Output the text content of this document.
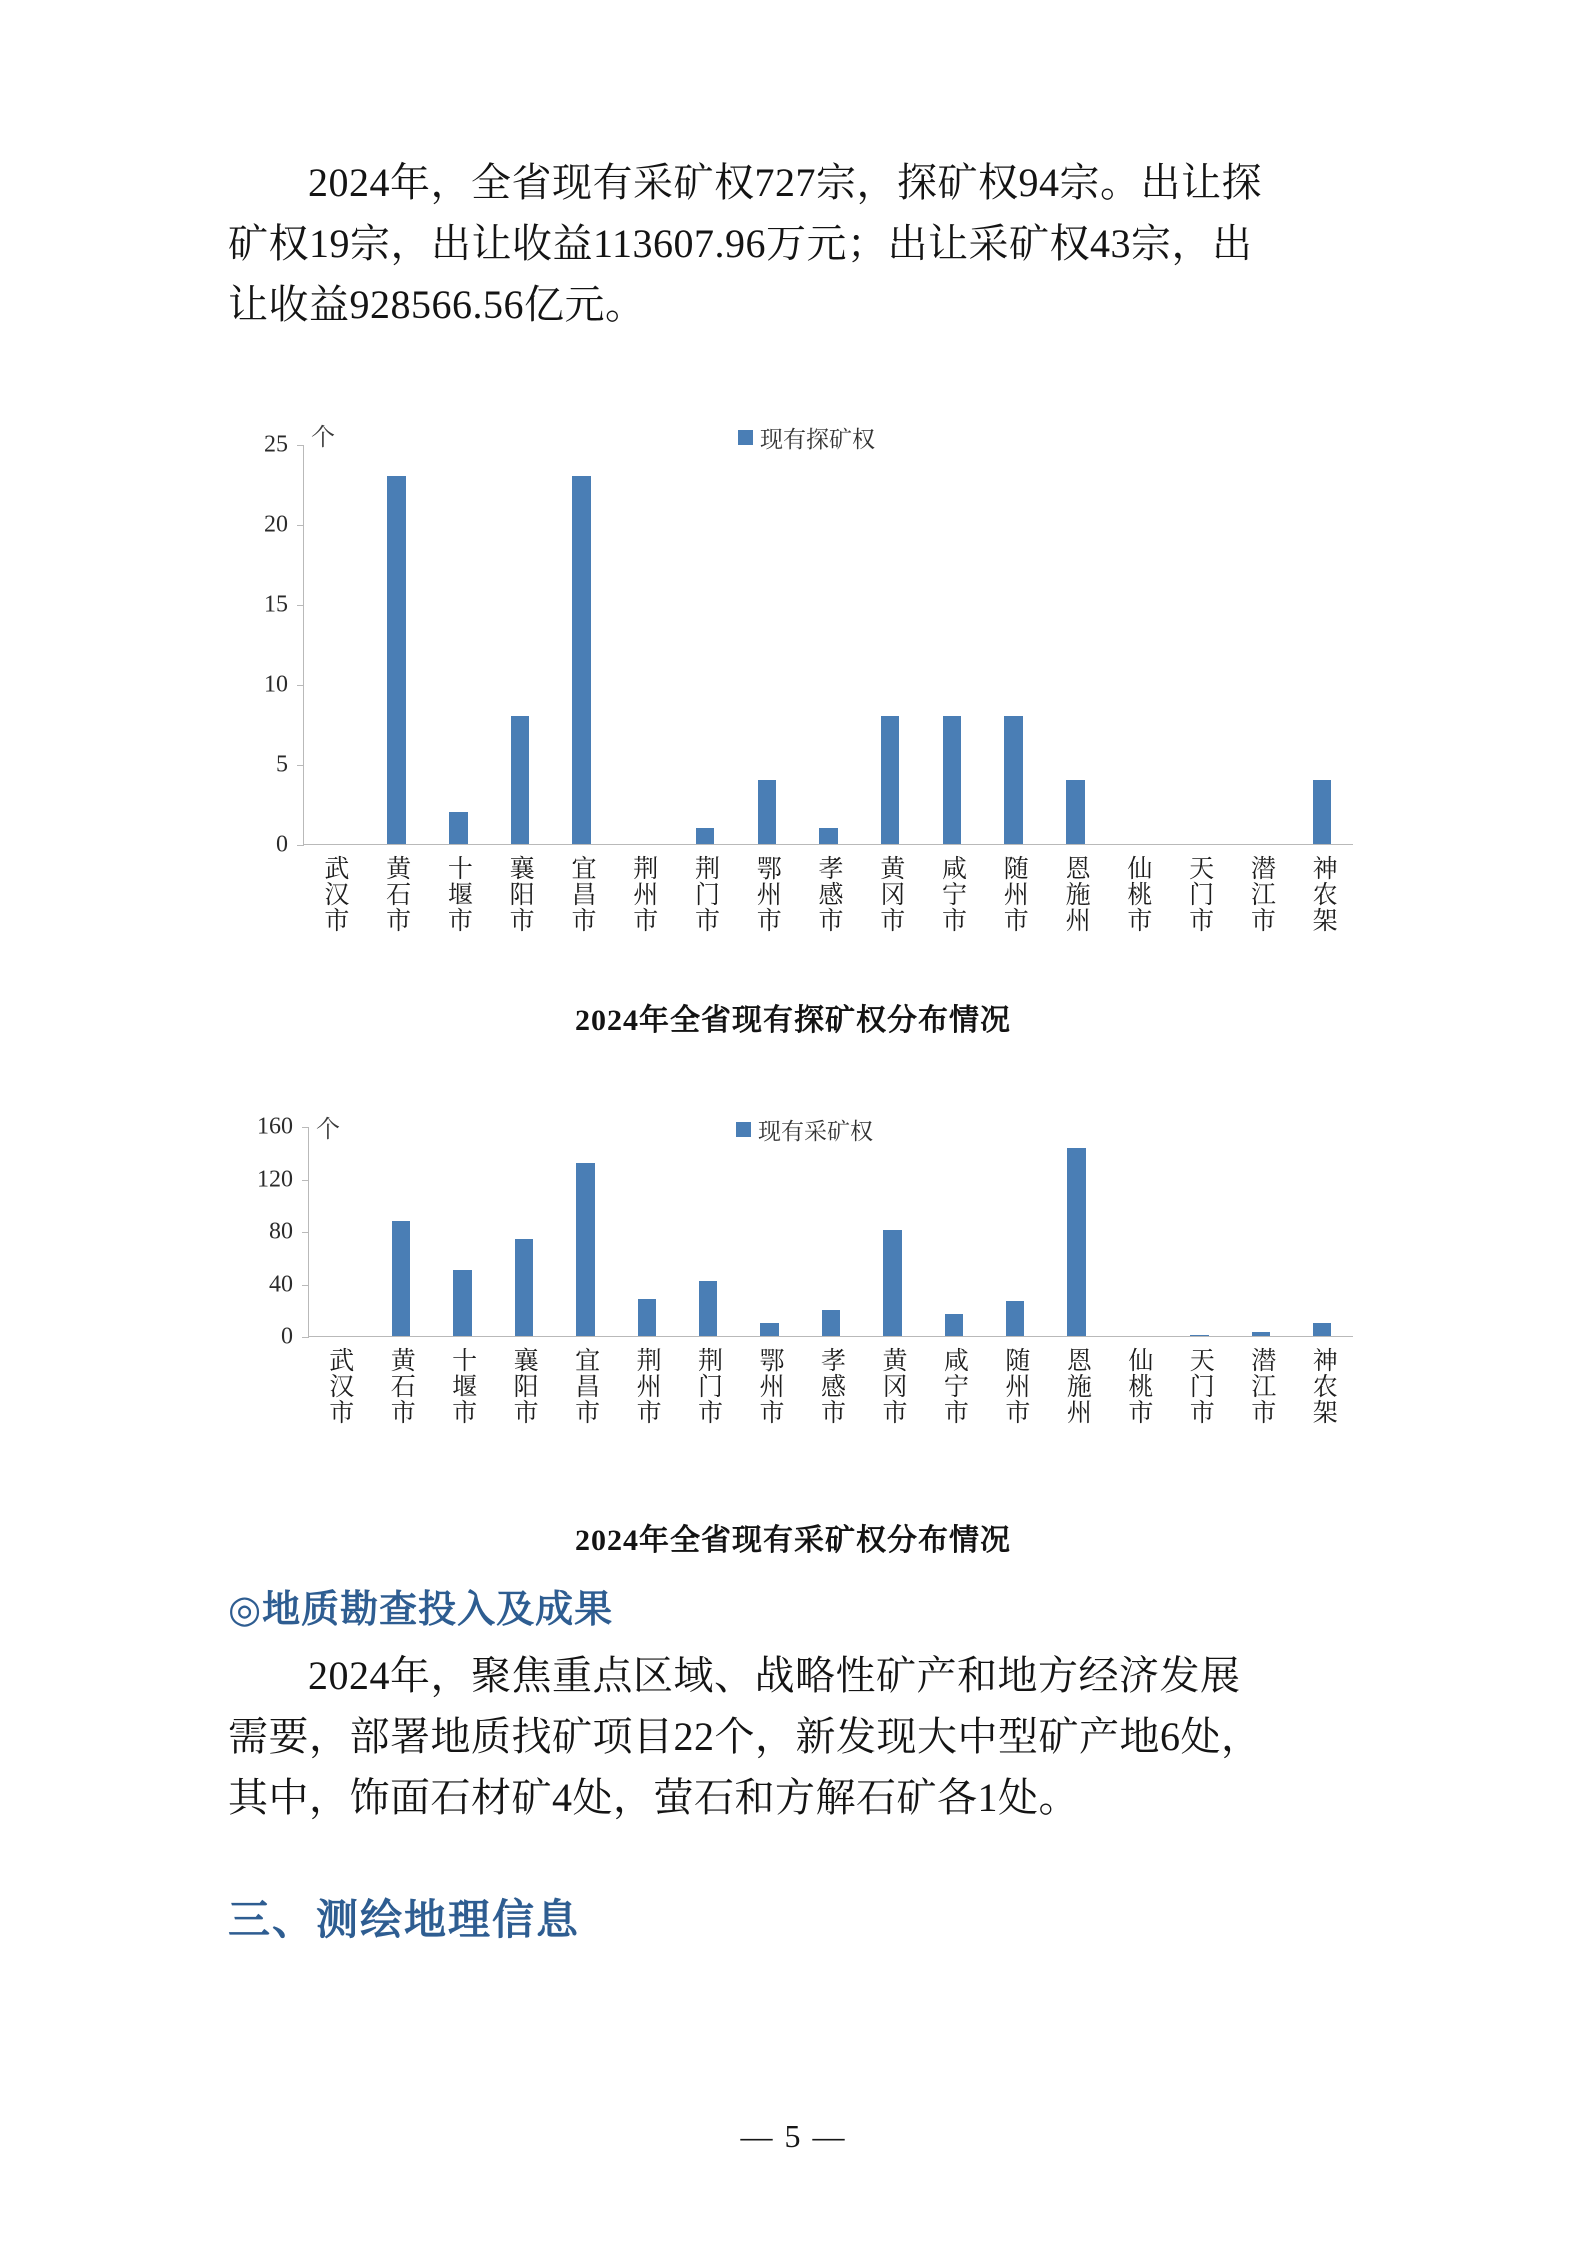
2024年，全省现有采矿权727宗，探矿权94宗。出让探

矿权19宗，出让收益113607.96万元；出让采矿权43宗，出

让收益928566.56亿元。

个	现有探矿权
25
20
15
10
5
0
武汉市 黄石市 十堰市 襄阳市 宜昌市 荆州市 荆门市 鄂州市 孝感市 黄冈市 咸宁市 随州市 恩施州 仙桃市 天门市 潜江市 神农架
2024年全省现有探矿权分布情况
个	现有采矿权
160
120
80
40
0
武汉市 黄石市 十堰市 襄阳市 宜昌市 荆州市 荆门市 鄂州市 孝感市 黄冈市 咸宁市 随州市 恩施州 仙桃市 天门市 潜江市 神农架
2024年全省现有采矿权分布情况

◎地质勘查投入及成果

2024年，聚焦重点区域、战略性矿产和地方经济发展

需要，部署地质找矿项目22个，新发现大中型矿产地6处，

其中，饰面石材矿4处，萤石和方解石矿各1处。

三、测绘地理信息

— 5 —
